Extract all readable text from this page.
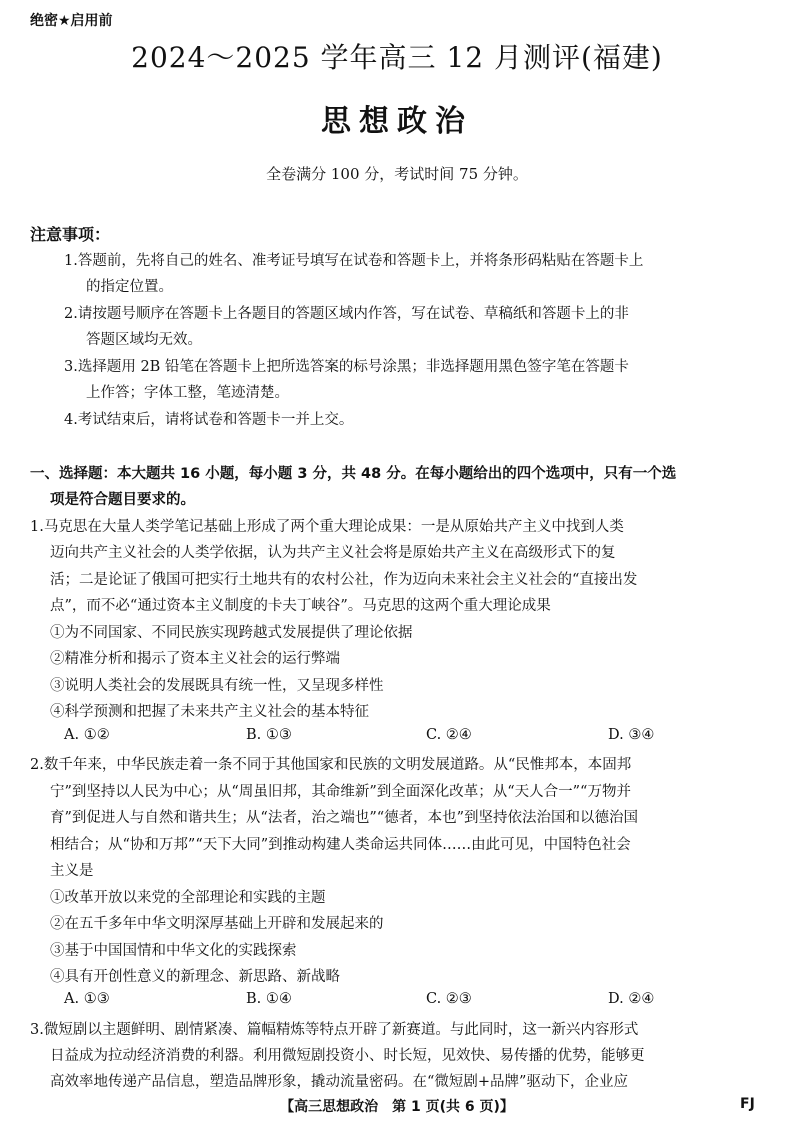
绝密★启用前
2024～2025 学年高三 12 月测评(福建)
思想政治
全卷满分 100 分，考试时间 75 分钟。
注意事项：
1.答题前，先将自己的姓名、准考证号填写在试卷和答题卡上，并将条形码粘贴在答题卡上
的指定位置。
2.请按题号顺序在答题卡上各题目的答题区域内作答，写在试卷、草稿纸和答题卡上的非
答题区域均无效。
3.选择题用 2B 铅笔在答题卡上把所选答案的标号涂黑；非选择题用黑色签字笔在答题卡
上作答；字体工整，笔迹清楚。
4.考试结束后，请将试卷和答题卡一并上交。
一、选择题：本大题共 16 小题，每小题 3 分，共 48 分。在每小题给出的四个选项中，只有一个选
项是符合题目要求的。
1.马克思在大量人类学笔记基础上形成了两个重大理论成果：一是从原始共产主义中找到人类
迈向共产主义社会的人类学依据，认为共产主义社会将是原始共产主义在高级形式下的复
活；二是论证了俄国可把实行土地共有的农村公社，作为迈向未来社会主义社会的“直接出发
点”，而不必“通过资本主义制度的卡夫丁峡谷”。马克思的这两个重大理论成果
①为不同国家、不同民族实现跨越式发展提供了理论依据
②精准分析和揭示了资本主义社会的运行弊端
③说明人类社会的发展既具有统一性，又呈现多样性
④科学预测和把握了未来共产主义社会的基本特征
A. ①②	B. ①③	C. ②④	D. ③④
2.数千年来，中华民族走着一条不同于其他国家和民族的文明发展道路。从“民惟邦本，本固邦
宁”到坚持以人民为中心；从“周虽旧邦，其命维新”到全面深化改革；从“天人合一”“万物并
育”到促进人与自然和谐共生；从“法者，治之端也”“德者，本也”到坚持依法治国和以德治国
相结合；从“协和万邦”“天下大同”到推动构建人类命运共同体……由此可见，中国特色社会
主义是
①改革开放以来党的全部理论和实践的主题
②在五千多年中华文明深厚基础上开辟和发展起来的
③基于中国国情和中华文化的实践探索
④具有开创性意义的新理念、新思路、新战略
A. ①③	B. ①④	C. ②③	D. ②④
3.微短剧以主题鲜明、剧情紧凑、篇幅精炼等特点开辟了新赛道。与此同时，这一新兴内容形式
日益成为拉动经济消费的利器。利用微短剧投资小、时长短，见效快、易传播的优势，能够更
高效率地传递产品信息，塑造品牌形象，撬动流量密码。在“微短剧+品牌”驱动下，企业应
【高三思想政治　第 1 页(共 6 页)】	FJ
